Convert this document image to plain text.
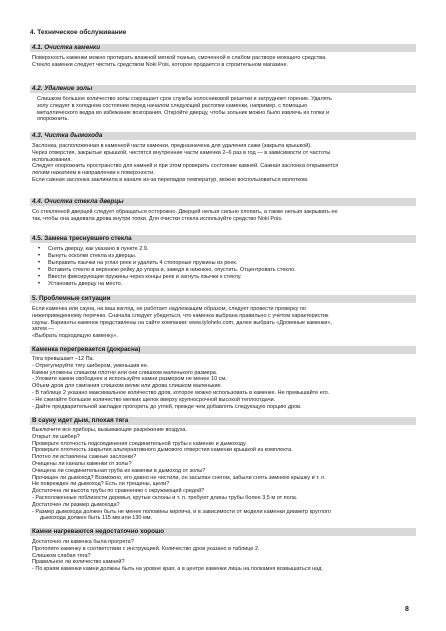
4. Техническое обслуживание
4.1. Очистка каменки
Поверхность каменки можно протирать влажной мягкой тканью, смоченной в слабом растворе моющего средства.
Стекло каменки следует чистить средством Noki Pois, которое продается в строительном магазине.
4.2. Удаление золы
Слишком большое количество золы сокращает срок службы колосниковой решетки и затрудняет горение. Удалять
золу следует в холодном состоянии перед началом следующей растопки каменки, например, с помощью
металлического ведра во избежание возгорания. Откройте дверцу, чтобы зольник можно было извлечь из топки и
опорожнить.
4.3. Чистка дымохода
Заслонка, расположенная в каменной части каменки, предназначена для удаления сажи (закрыта крышкой).
Через отверстия, закрытые крышкой, чистятся внутренние части каменки 2–6 раз в год — в зависимости от частоты
использования.
Следует опорожнить пространство для камней и при этом проверить состояние камней. Сажная заслонка открывается
легким нажатием в направлении к поверхности.
Если сажная заслонка заклинила в канале из-за перепадов температур, можно воспользоваться молотком.
4.4. Очистка стекла дверцы
Со стеклянной дверцей следует обращаться осторожно. Дверцей нельзя сильно хлопать, а также нельзя закрывать ее
так, чтобы она задевала дрова внутри топки. Для очистки стекла используйте средство Noki Pois.
4.5. Замена треснувшего стекла
• Снять дверцу, как указано в пункте 2.9.
• Вынуть осколки стекла из дверцы.
• Выправить язычки на углах реек и удалить 4 стопорные пружины из реек.
• Вставить стекло в верхнюю рейку до упора и, заведя в нижнюю, опустить. Отцентровать стекло.
• Ввести фиксирующие пружины через концы реек и загнуть язычки к стеклу.
• Установить дверцу на место.
5. Проблемные ситуации
Если каменка или сауна, на ваш взгляд, не работает надлежащим образом, следует провести проверку по
нижеприведенному перечню. Сначала следует убедиться, что каменка выбрана правильно с учетом характеристик
сауны. Варианты каменок представлены на сайте компании: www.tylohelo.com, далее выбрать «Дровяные каменки»,
затем —
«Выбрать подходящую каменку».
Каменка перегревается (докрасна)
Тяга превышает –12 Па.
- Отрегулируйте тягу шибером, уменьшив ее.
Камни уложены слишком плотно или они слишком маленького размера.
- Уложите камни свободнее и используйте камни размером не менее 10 см.
Объем дров для сжигания слишком велик или дрова слишком маленькие.
- В таблице 2 указано максимальное количество дров, которое можно использовать в каменке. Не превышайте его.
- Не сжигайте большое количество мелких щепок вверху крупносрочной высокой теплоотдачи.
- Дайте предварительной закладке прогореть до углей, прежде чем добавлять следующую порцию дров.
В сауну идет дым, плохая тяга
Выключите все приборы, вызывающие разрежение воздуха.
Открыт ли шибер?
Проверьте плотность подсоединения соединительной трубы к каменке и дымоходу.
Проверьте плотность закрытия альтернативного дымового отверстия каменки крышкой из комплекта.
Плотно ли вставлены сажные заслонки?
Очищены ли каналы каменки от золы?
Очищена ли соединительная труба из каменки в дымоход от золы?
Прочищен ли дымоход? Возможно, его давно не чистили, он засыпан снегом, забыли снять зимнюю крышку и т. п.
Не поврежден ли дымоход? Есть ли трещины, щели?
Достаточна ли высота трубы по сравнению с окружающей средой?
- Расположенные поблизости деревья, крутые склоны и т. п. требуют длины трубы более 3,5 м от пола.
Достаточен ли размер дымохода?
- Размер дымохода должен быть не менее половины кирпича, и в зависимости от модели каменки диаметр круглого
дымохода должен быть 115 мм или 130 мм.
Камни нагреваются недостаточно хорошо
Достаточно ли каменка была прогрета?
Протопите каменку в соответствии с инструкцией. Количество дров указано в таблице 2.
Слишком слабая тяга?
Правильное ли количество камней?
- По краям каменки камни должны быть на уровне края, а в центре каменки лишь на полкамня возвышаться над
8
